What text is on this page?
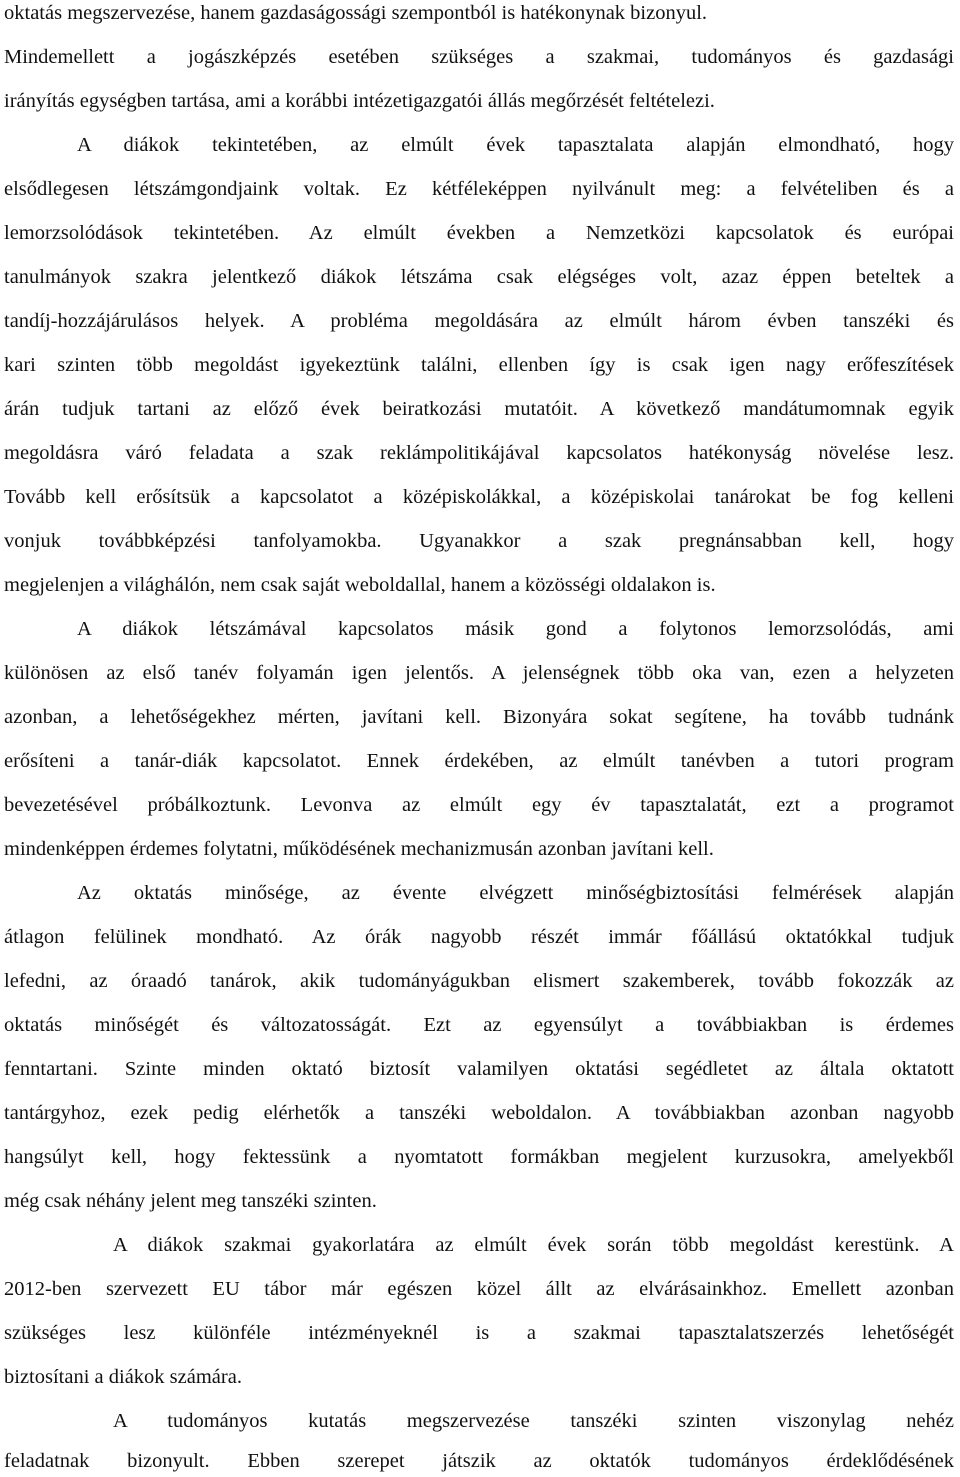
oktatás megszervezése, hanem gazdaságossági szempontból is hatékonynak bizonyul.
Mindemellett a jogászképzés esetében szükséges a szakmai, tudományos és gazdasági
irányítás egységben tartása, ami a korábbi intézetigazgatói állás megőrzését feltételezi.
A diákok tekintetében, az elmúlt évek tapasztalata alapján elmondható, hogy
elsődlegesen létszámgondjaink voltak. Ez kétféleképpen nyilvánult meg: a felvételiben és a
lemorzsolódások tekintetében. Az elmúlt években a Nemzetközi kapcsolatok és európai
tanulmányok szakra jelentkező diákok létszáma csak elégséges volt, azaz éppen beteltek a
tandíj-hozzájárulásos helyek. A probléma megoldására az elmúlt három évben tanszéki és
kari szinten több megoldást igyekeztünk találni, ellenben így is csak igen nagy erőfeszítések
árán tudjuk tartani az előző évek beiratkozási mutatóit. A következő mandátumomnak egyik
megoldásra váró feladata a szak reklámpolitikájával kapcsolatos hatékonyság növelése lesz.
Tovább kell erősítsük a kapcsolatot a középiskolákkal, a középiskolai tanárokat be fog kelleni
vonjuk továbbképzési tanfolyamokba. Ugyanakkor a szak pregnánsabban kell, hogy
megjelenjen a világhálón, nem csak saját weboldallal, hanem a közösségi oldalakon is.
A diákok létszámával kapcsolatos másik gond a folytonos lemorzsolódás, ami
különösen az első tanév folyamán igen jelentős. A jelenségnek több oka van, ezen a helyzeten
azonban, a lehetőségekhez mérten, javítani kell. Bizonyára sokat segítene, ha tovább tudnánk
erősíteni a tanár-diák kapcsolatot. Ennek érdekében, az elmúlt tanévben a tutori program
bevezetésével próbálkoztunk. Levonva az elmúlt egy év tapasztalatát, ezt a programot
mindenképpen érdemes folytatni, működésének mechanizmusán azonban javítani kell.
Az oktatás minősége, az évente elvégzett minőségbiztosítási felmérések alapján
átlagon felülinek mondható. Az órák nagyobb részét immár főállású oktatókkal tudjuk
lefedni, az óraadó tanárok, akik tudományágukban elismert szakemberek, tovább fokozzák az
oktatás minőségét és változatosságát. Ezt az egyensúlyt a továbbiakban is érdemes
fenntartani. Szinte minden oktató biztosít valamilyen oktatási segédletet az általa oktatott
tantárgyhoz, ezek pedig elérhetők a tanszéki weboldalon. A továbbiakban azonban nagyobb
hangsúlyt kell, hogy fektessünk a nyomtatott formákban megjelent kurzusokra, amelyekből
még csak néhány jelent meg tanszéki szinten.
A diákok szakmai gyakorlatára az elmúlt évek során több megoldást kerestünk. A
2012-ben szervezett EU tábor már egészen közel állt az elvárásainkhoz. Emellett azonban
szükséges lesz különféle intézményeknél is a szakmai tapasztalatszerzés lehetőségét
biztosítani a diákok számára.
A tudományos kutatás megszervezése tanszéki szinten viszonylag nehéz
feladatnak bizonyult. Ebben szerepet játszik az oktatók tudományos érdeklődésének
